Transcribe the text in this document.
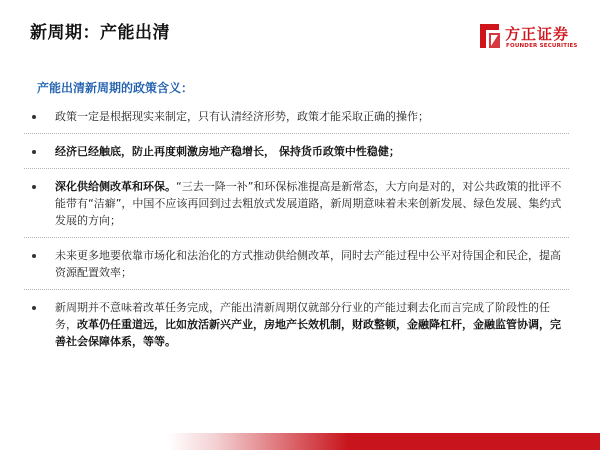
新周期：产能出清	方正证券
FOUNDER SECURITIES
产能出清新周期的政策含义：
政策一定是根据现实来制定，只有认清经济形势，政策才能采取正确的操作；
经济已经触底，防止再度刺激房地产稳增长， 保持货币政策中性稳健；
深化供给侧改革和环保。“三去一降一补”和环保标准提高是新常态，大方向是对的，对公共政策的批评不能带有“洁癖”，中国不应该再回到过去粗放式发展道路，新周期意味着未来创新发展、绿色发展、集约式发展的方向；
未来更多地要依靠市场化和法治化的方式推动供给侧改革，同时去产能过程中公平对待国企和民企，提高资源配置效率；
新周期并不意味着改革任务完成，产能出清新周期仅就部分行业的产能过剩去化而言完成了阶段性的任务，改革仍任重道远，比如放活新兴产业，房地产长效机制，财政整顿，金融降杠杆，金融监管协调，完善社会保障体系，等等。
